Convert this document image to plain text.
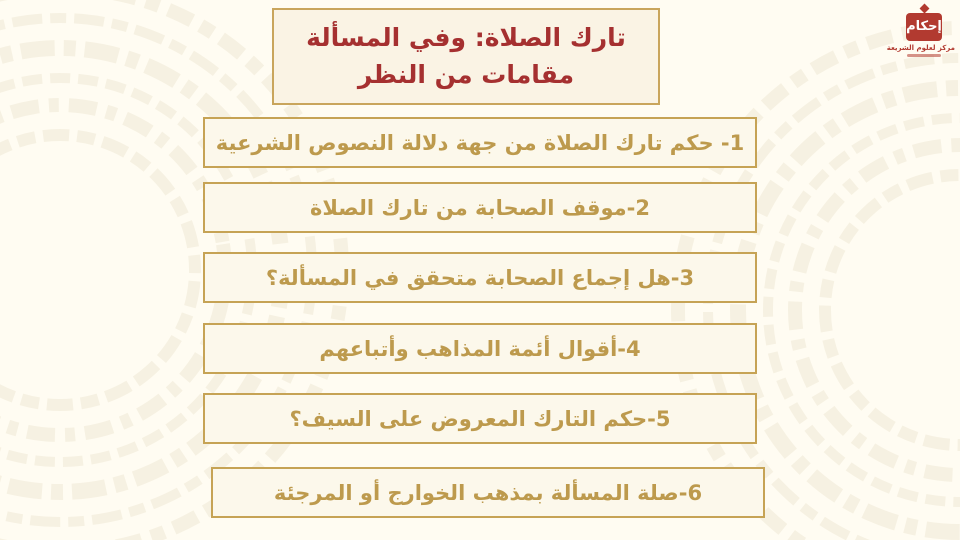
تارك الصلاة: وفي المسألة
مقامات من النظر
1- حكم تارك الصلاة من جهة دلالة النصوص الشرعية
2-موقف الصحابة من تارك الصلاة
3-هل إجماع الصحابة متحقق في المسألة؟
4-أقوال أئمة المذاهب وأتباعهم
5-حكم التارك المعروض على السيف؟
6-صلة المسألة بمذهب الخوارج أو المرجئة
إحكام
مركز لعلوم الشريعة
